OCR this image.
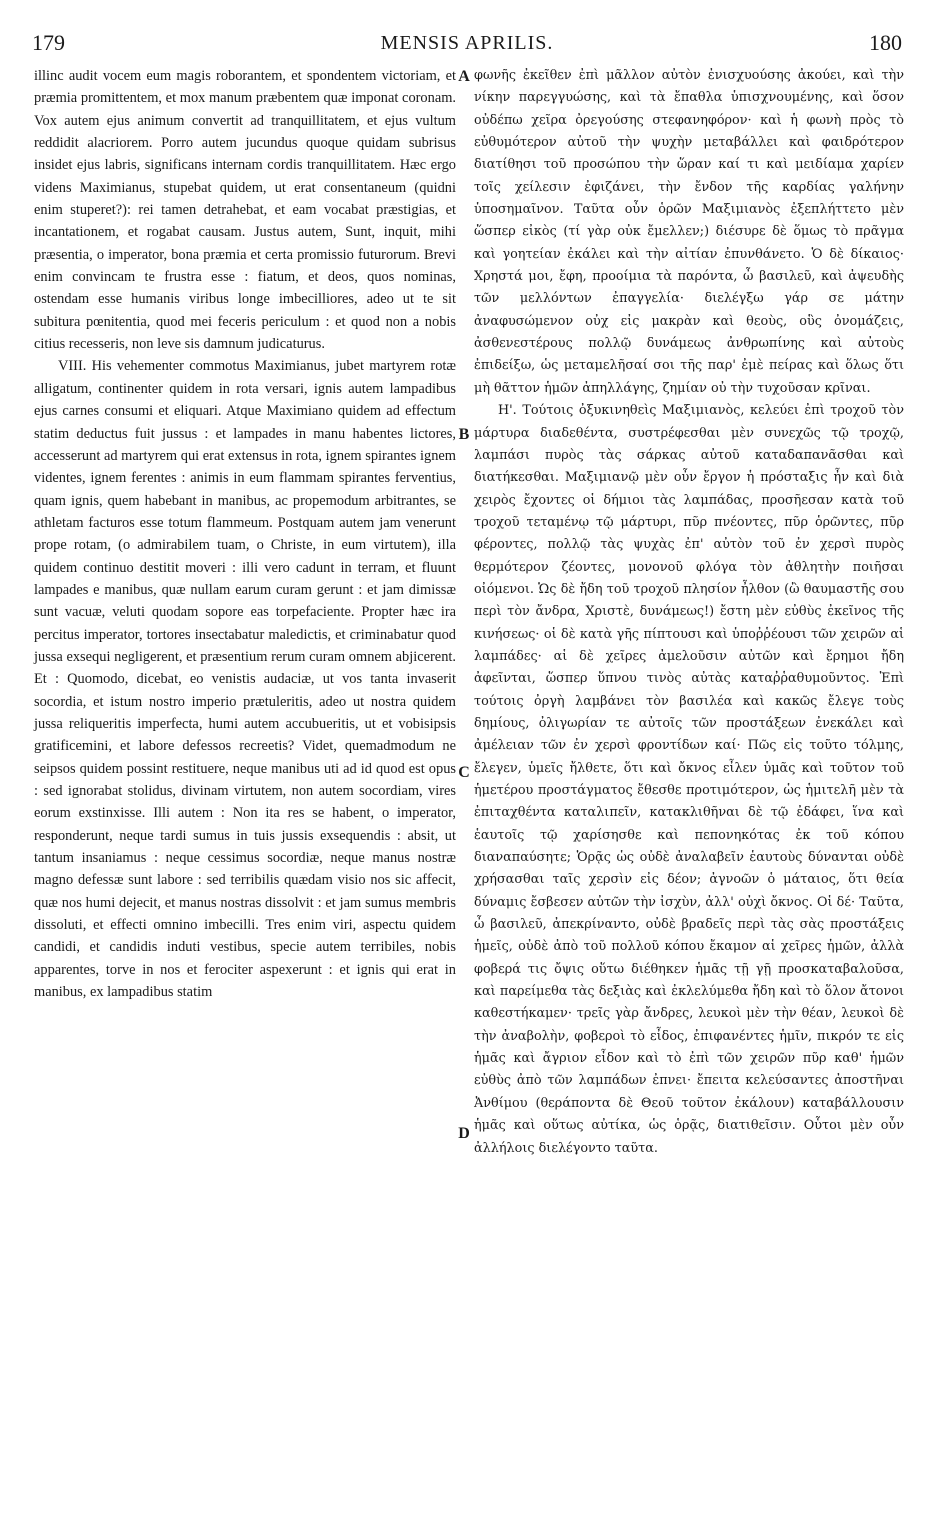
179	MENSIS APRILIS.	180

illinc audit vocem eum magis roborantem, et spondentem victoriam, et præmia promittentem, et mox manum præbentem quæ imponat coronam. Vox autem ejus animum convertit ad tranquillitatem, et ejus vultum reddidit alacriorem. Porro autem jucundus quoque quidam subrisus insidet ejus labris, significans internam cordis tranquillitatem. Hæc ergo videns Maximianus, stupebat quidem, ut erat consentaneum (quidni enim stuperet?): rei tamen detrahebat, et eam vocabat præstigias, et incantationem, et rogabat causam. Justus autem, Sunt, inquit, mihi præsentia, o imperator, bona præmia et certa promissio futurorum. Brevi enim convincam te frustra esse : fiatum, et deos, quos nominas, ostendam esse humanis viribus longe imbecilliores, adeo ut te sit subitura pœnitentia, quod mei feceris periculum : et quod non a nobis citius recesseris, non leve sis damnum judicaturus.

VIII. His vehementer commotus Maximianus, jubet martyrem rotæ alligatum, continenter quidem in rota versari, ignis autem lampadibus ejus carnes consumi et eliquari. Atque Maximiano quidem ad effectum statim deductus fuit jussus : et lampades in manu habentes lictores, accesserunt ad martyrem qui erat extensus in rota, ignem spirantes ignem videntes, ignem ferentes : animis in eum flammam spirantes ferventius, quam ignis, quem habebant in manibus, ac propemodum arbitrantes, se athletam facturos esse totum flammeum. Postquam autem jam venerunt prope rotam, (o admirabilem tuam, o Christe, in eum virtutem), illa quidem continuo destitit moveri : illi vero cadunt in terram, et fluunt lampades e manibus, quæ nullam earum curam gerunt : et jam dimissæ sunt vacuæ, veluti quodam sopore eas torpefaciente. Propter hæc ira percitus imperator, tortores insectabatur maledictis, et criminabatur quod jussa exsequi negligerent, et præsentium rerum curam omnem abjicerent. Et : Quomodo, dicebat, eo venistis audaciæ, ut vos tanta invaserit socordia, et istum nostro imperio prætuleritis, adeo ut nostra quidem jussa reliqueritis imperfecta, humi autem accubueritis, ut et vobisipsis gratificemini, et labore defessos recreetis? Videt, quemadmodum ne seipsos quidem possint restituere, neque manibus uti ad id quod est opus : sed ignorabat stolidus, divinam virtutem, non autem socordiam, vires eorum exstinxisse. Illi autem : Non ita res se habent, o imperator, responderunt, neque tardi sumus in tuis jussis exsequendis : absit, ut tantum insaniamus : neque cessimus socordiæ, neque manus nostræ magno defessæ sunt labore : sed terribilis quædam visio nos sic affecit, quæ nos humi dejecit, et manus nostras dissolvit : et jam sumus membris dissoluti, et effecti omnino imbecilli. Tres enim viri, aspectu quidem candidi, et candidis induti vestibus, specie autem terribiles, nobis apparentes, torve in nos et ferociter aspexerunt : et ignis qui erat in manibus, ex lampadibus statim

A
B
C
D

φωνῆς ἐκεῖθεν ἐπὶ μᾶλλον αὐτὸν ἐνισχυούσης ἀκούει, καὶ τὴν νίκην παρεγγυώσης, καὶ τὰ ἔπαθλα ὑπισχνουμένης, καὶ ὅσον οὐδέπω χεῖρα ὀρεγούσης στεφανηφόρον· καὶ ἡ φωνὴ πρὸς τὸ εὐθυμότερον αὐτοῦ τὴν ψυχὴν μεταβάλλει καὶ φαιδρότερον διατίθησι τοῦ προσώπου τὴν ὥραν καί τι καὶ μειδίαμα χαρίεν τοῖς χείλεσιν ἐφιζάνει, τὴν ἔνδον τῆς καρδίας γαλήνην ὑποσημαῖνον. Ταῦτα οὖν ὁρῶν Μαξιμιανὸς ἐξεπλήττετο μὲν ὥσπερ εἰκὸς (τί γὰρ οὐκ ἔμελλεν;) διέσυρε δὲ ὅμως τὸ πρᾶγμα καὶ γοητείαν ἐκάλει καὶ τὴν αἰτίαν ἐπυνθάνετο. Ὁ δὲ δίκαιος· Χρηστά μοι, ἔφη, προοίμια τὰ παρόντα, ὦ βασιλεῦ, καὶ ἀψευδὴς τῶν μελλόντων ἐπαγγελία· διελέγξω γάρ σε μάτην ἀναφυσώμενον οὐχ εἰς μακρὰν καὶ θεοὺς, οὓς ὀνομάζεις, ἀσθενεστέρους πολλῷ δυνάμεως ἀνθρωπίνης καὶ αὐτοὺς ἐπιδείξω, ὡς μεταμελῆσαί σοι τῆς παρ' ἐμὲ πείρας καὶ ὅλως ὅτι μὴ θᾶττον ἡμῶν ἀπηλλάγης, ζημίαν οὐ τὴν τυχοῦσαν κρῖναι.

Η'. Τούτοις ὀξυκινηθεὶς Μαξιμιανὸς, κελεύει ἐπὶ τροχοῦ τὸν μάρτυρα διαδεθέντα, συστρέφεσθαι μὲν συνεχῶς τῷ τροχῷ, λαμπάσι πυρὸς τὰς σάρκας αὐτοῦ καταδαπανᾶσθαι καὶ διατήκεσθαι. Μαξιμιανῷ μὲν οὖν ἔργον ἡ πρόσταξις ἦν καὶ διὰ χειρὸς ἔχοντες οἱ δήμιοι τὰς λαμπάδας, προσῆεσαν κατὰ τοῦ τροχοῦ τεταμένῳ τῷ μάρτυρι, πῦρ πνέοντες, πῦρ ὁρῶντες, πῦρ φέροντες, πολλῷ τὰς ψυχὰς ἐπ' αὐτὸν τοῦ ἐν χερσὶ πυρὸς θερμότερον ζέοντες, μονονοῦ φλόγα τὸν ἀθλητὴν ποιῆσαι οἰόμενοι. Ὡς δὲ ἤδη τοῦ τροχοῦ πλησίον ἦλθον (ὢ θαυμαστῆς σου περὶ τὸν ἄνδρα, Χριστὲ, δυνάμεως!) ἔστη μὲν εὐθὺς ἐκεῖνος τῆς κινήσεως· οἱ δὲ κατὰ γῆς πίπτουσι καὶ ὑποῤῥέουσι τῶν χειρῶν αἱ λαμπάδες· αἱ δὲ χεῖρες ἀμελοῦσιν αὐτῶν καὶ ἔρημοι ἤδη ἀφεῖνται, ὥσπερ ὕπνου τινὸς αὐτὰς καταῤῥαθυμοῦντος. Ἐπὶ τούτοις ὀργὴ λαμβάνει τὸν βασιλέα καὶ κακῶς ἔλεγε τοὺς δημίους, ὀλιγωρίαν τε αὐτοῖς τῶν προστάξεων ἐνεκάλει καὶ ἀμέλειαν τῶν ἐν χερσὶ φροντίδων καί· Πῶς εἰς τοῦτο τόλμης, ἔλεγεν, ὑμεῖς ἤλθετε, ὅτι καὶ ὄκνος εἶλεν ὑμᾶς καὶ τοῦτον τοῦ ἡμετέρου προστάγματος ἔθεσθε προτιμότερον, ὡς ἡμιτελῆ μὲν τὰ ἐπιταχθέντα καταλιπεῖν, κατακλιθῆναι δὲ τῷ ἐδάφει, ἵνα καὶ ἑαυτοῖς τῷ χαρίσησθε καὶ πεπονηκότας ἐκ τοῦ κόπου διαναπαύσητε; Ὁρᾷς ὡς οὐδὲ ἀναλαβεῖν ἑαυτοὺς δύνανται οὐδὲ χρήσασθαι ταῖς χερσὶν εἰς δέον; ἀγνοῶν ὁ μάταιος, ὅτι θεία δύναμις ἔσβεσεν αὐτῶν τὴν ἰσχὺν, ἀλλ' οὐχὶ ὄκνος. Οἱ δέ· Ταῦτα, ὦ βασιλεῦ, ἀπεκρίναντο, οὐδὲ βραδεῖς περὶ τὰς σὰς προστάξεις ἡμεῖς, οὐδὲ ἀπὸ τοῦ πολλοῦ κόπου ἔκαμον αἱ χεῖρες ἡμῶν, ἀλλὰ φοβερά τις ὄψις οὕτω διέθηκεν ἡμᾶς τῇ γῇ προσκαταβαλοῦσα, καὶ παρείμεθα τὰς δεξιὰς καὶ ἐκλελύμεθα ἤδη καὶ τὸ ὅλον ἄτονοι καθεστήκαμεν· τρεῖς γὰρ ἄνδρες, λευκοὶ μὲν τὴν θέαν, λευκοὶ δὲ τὴν ἀναβολὴν, φοβεροὶ τὸ εἶδος, ἐπιφανέντες ἡμῖν, πικρόν τε εἰς ἡμᾶς καὶ ἄγριον εἶδον καὶ τὸ ἐπὶ τῶν χειρῶν πῦρ καθ' ἡμῶν εὐθὺς ἀπὸ τῶν λαμπάδων ἐπνει· ἔπειτα κελεύσαντες ἀποστῆναι Ἀνθίμου (θεράποντα δὲ Θεοῦ τοῦτον ἐκάλουν) καταβάλλουσιν ἡμᾶς καὶ οὕτως αὐτίκα, ὡς ὁρᾷς, διατιθεῖσιν. Οὗτοι μὲν οὖν ἀλλήλοις διελέγοντο ταῦτα.
